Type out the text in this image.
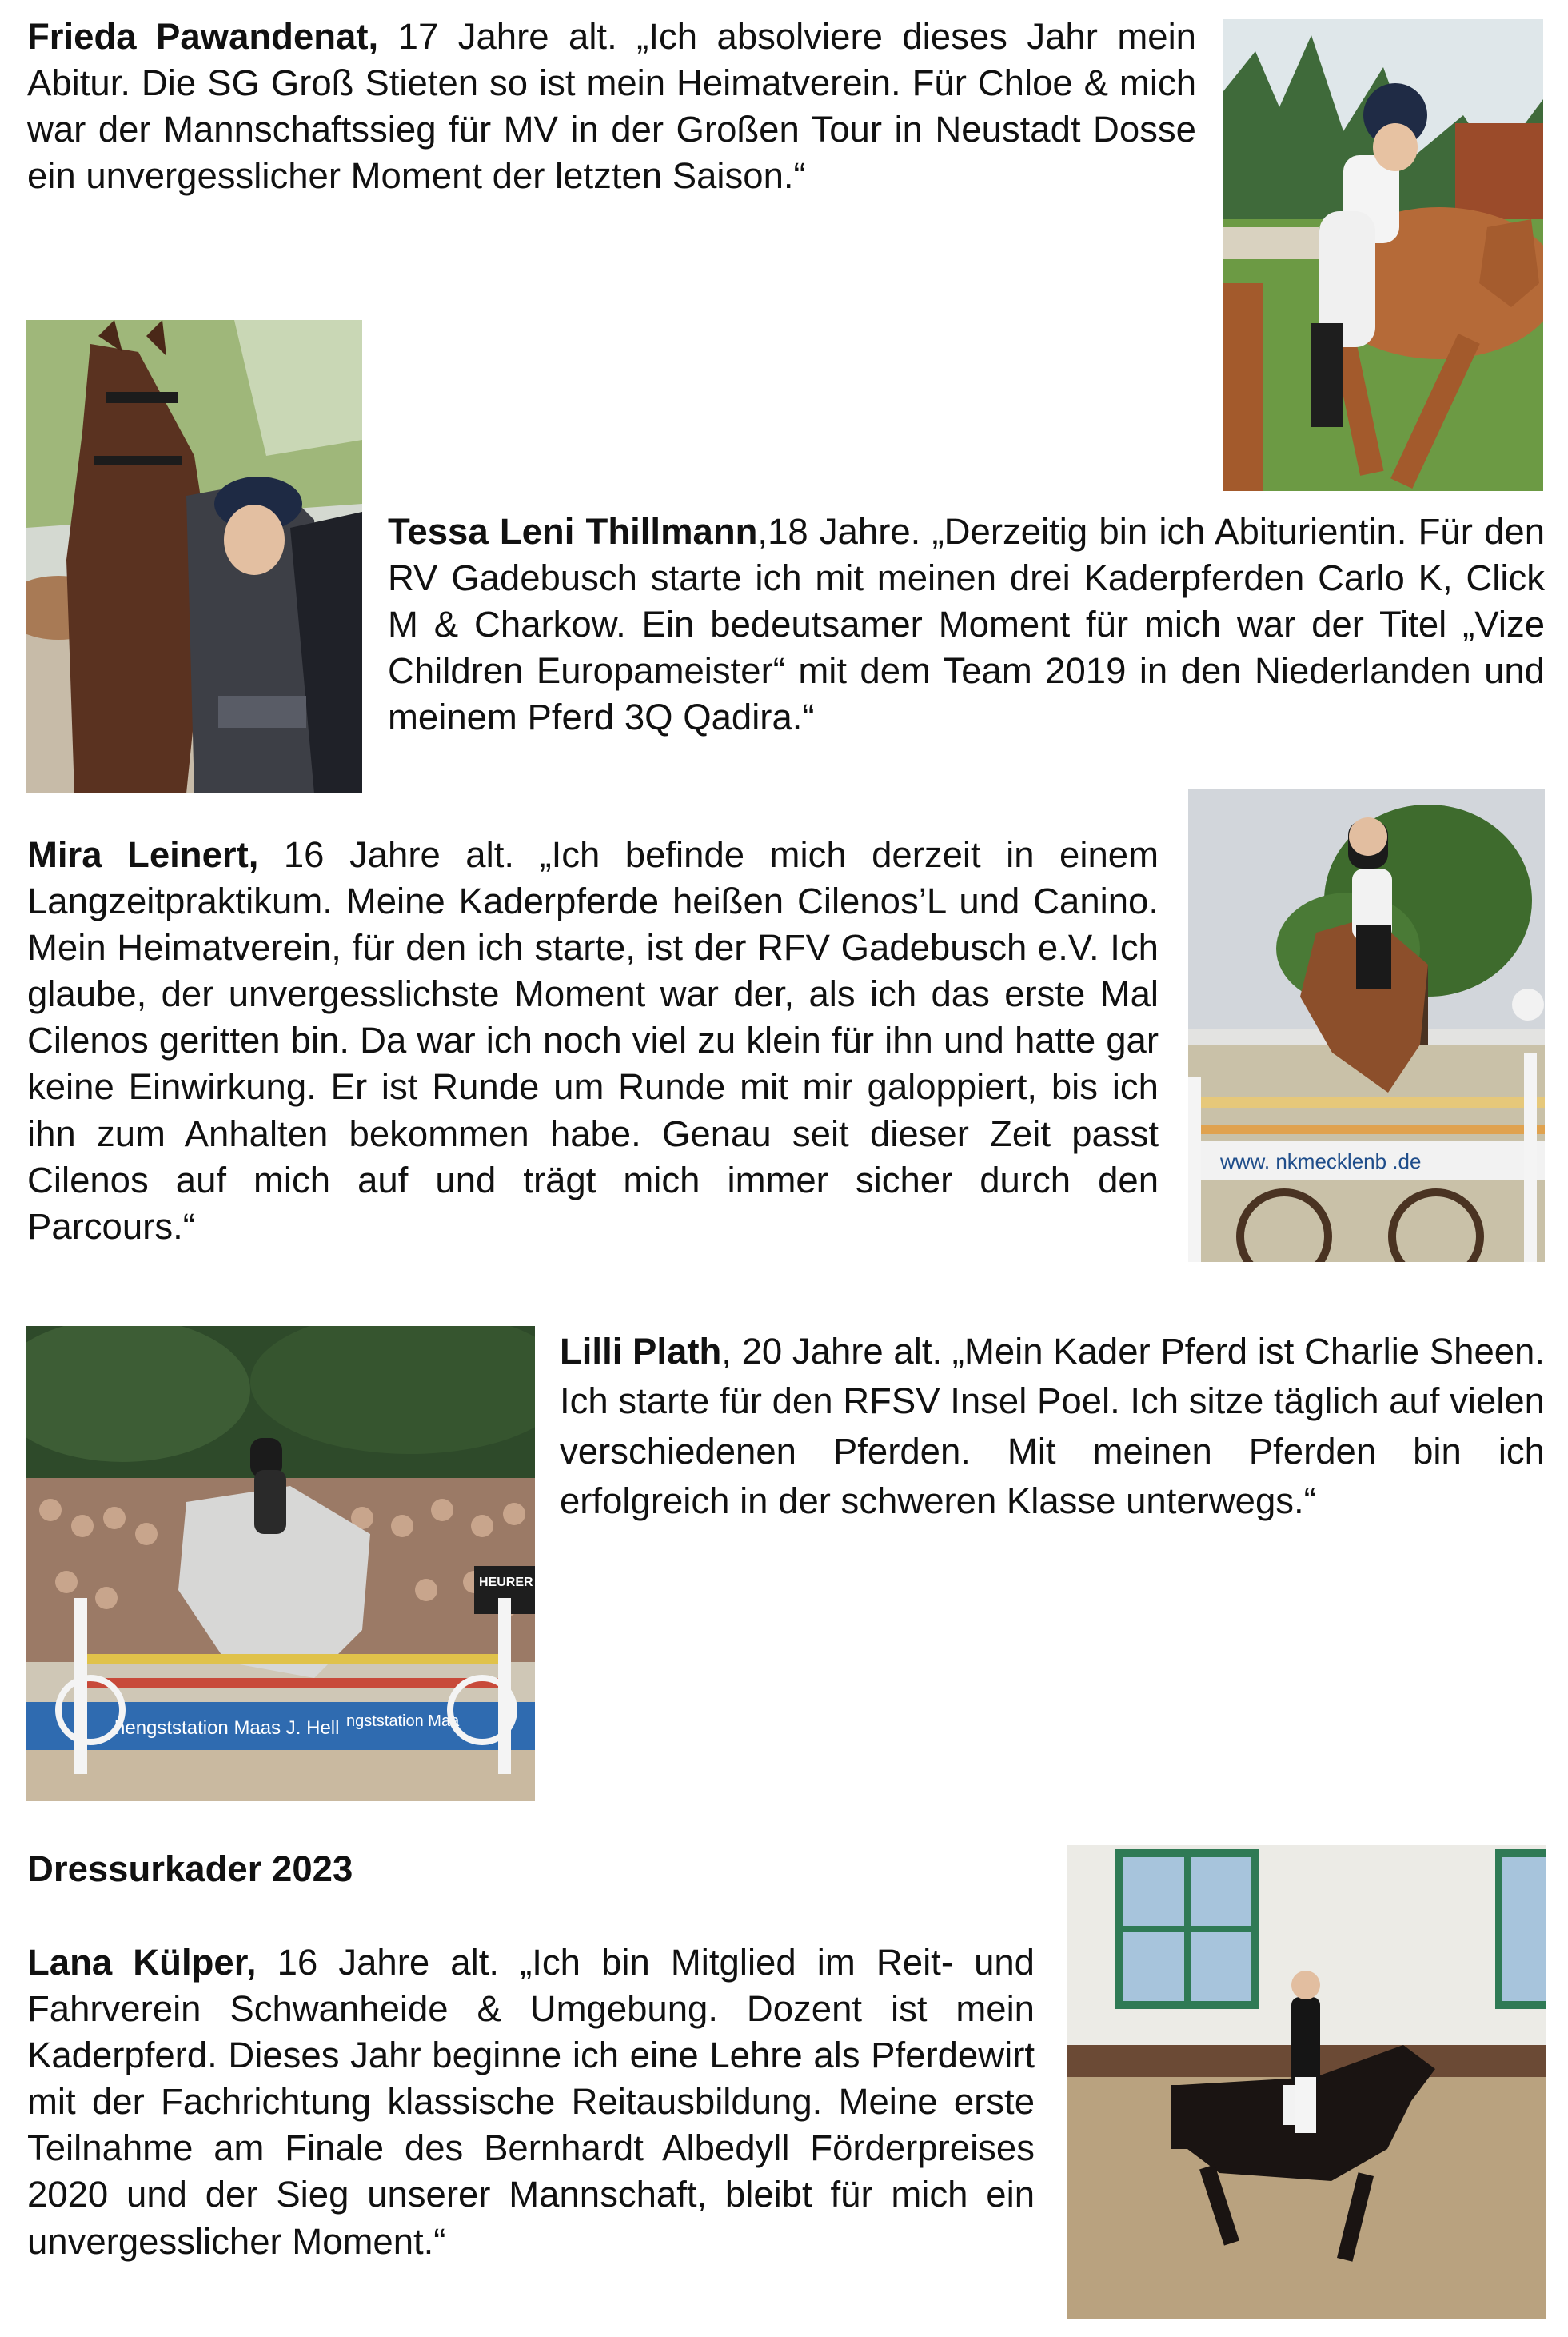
Frieda Pawandenat, 17 Jahre alt. „Ich absolviere dieses Jahr mein Abitur. Die SG Groß Stieten so ist mein Heimatverein. Für Chloe & mich war der Mannschaftssieg für MV in der Großen Tour in Neustadt Dosse ein unvergesslicher Moment der letzten Saison.“

Tessa Leni Thillmann,18 Jahre. „Derzeitig bin ich Abiturientin. Für den RV Gadebusch starte ich mit meinen drei Kaderpferden Carlo K, Click M & Charkow. Ein bedeutsamer Moment für mich war der Titel „Vize Children Europameister“ mit dem Team 2019 in den Niederlanden und meinem Pferd 3Q Qadira.“

Mira Leinert, 16 Jahre alt. „Ich befinde mich derzeit in einem Langzeitpraktikum. Meine Kaderpferde heißen Cilenos’L und Canino. Mein Heimatverein, für den ich starte, ist der RFV Gadebusch e.V. Ich glaube, der unvergesslichste Moment war der, als ich das erste Mal Cilenos geritten bin. Da war ich noch viel zu klein für ihn und hatte gar keine Einwirkung. Er ist Runde um Runde mit mir galoppiert, bis ich ihn zum Anhalten bekommen habe. Genau seit dieser Zeit passt Cilenos auf mich auf und trägt mich immer sicher durch den Parcours.“

www. nkmecklenb .de
HEURER
hengststation Maas J. Hell ngststation Maa

Lilli Plath, 20 Jahre alt. „Mein Kader Pferd ist Charlie Sheen. Ich starte für den RFSV Insel Poel. Ich sitze täglich auf vielen verschiedenen Pferden. Mit meinen Pferden bin ich erfolgreich in der schweren Klasse unterwegs.“

Dressurkader 2023

Lana Külper, 16 Jahre alt. „Ich bin Mitglied im Reit- und Fahrverein Schwanheide & Umgebung. Dozent ist mein Kaderpferd. Dieses Jahr beginne ich eine Lehre als Pferdewirt mit der Fachrichtung klassische Reitausbildung. Meine erste Teilnahme am Finale des Bernhardt Albedyll Förderpreises 2020 und der Sieg unserer Mannschaft, bleibt für mich ein unvergesslicher Moment.“
